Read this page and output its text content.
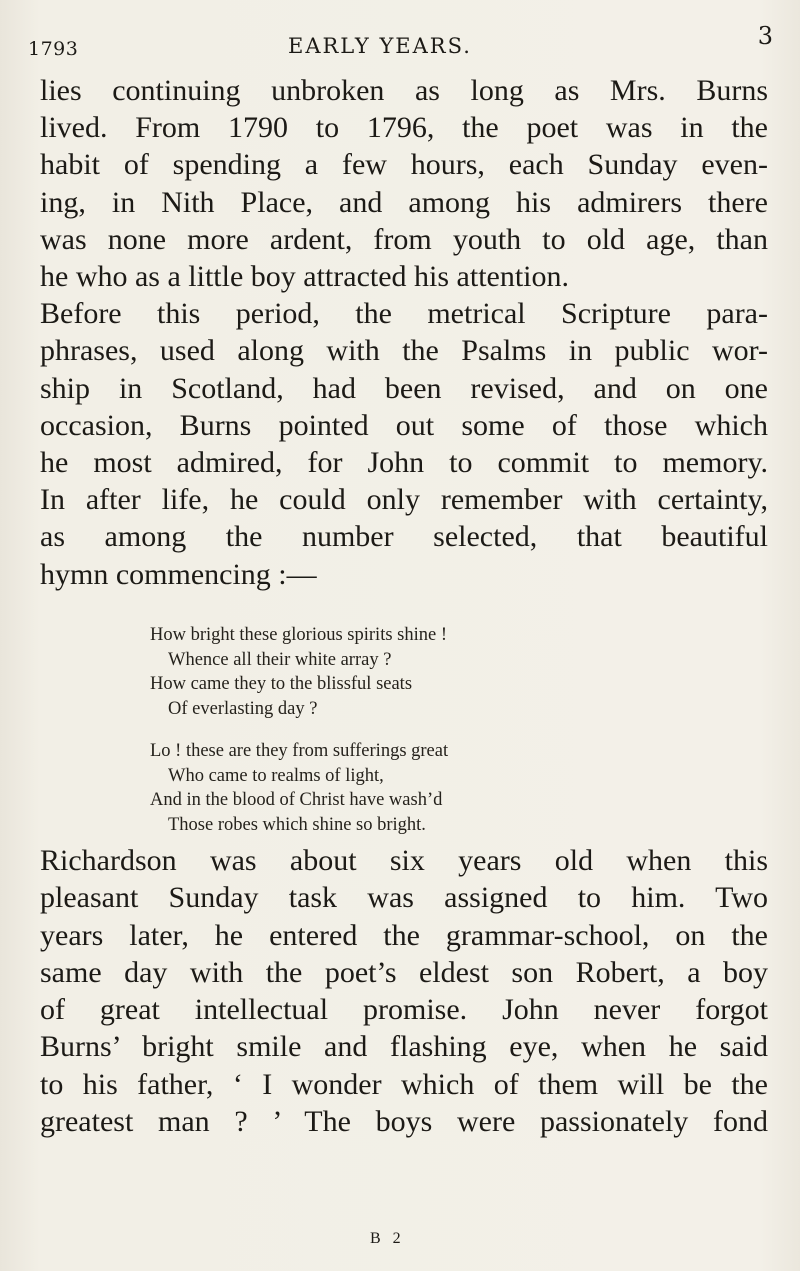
1793	EARLY YEARS.	3
lies continuing unbroken as long as Mrs. Burns
lived. From 1790 to 1796, the poet was in the
habit of spending a few hours, each Sunday even-
ing, in Nith Place, and among his admirers there
was none more ardent, from youth to old age, than
he who as a little boy attracted his attention.
Before this period, the metrical Scripture para-
phrases, used along with the Psalms in public wor-
ship in Scotland, had been revised, and on one
occasion, Burns pointed out some of those which
he most admired, for John to commit to memory.
In after life, he could only remember with certainty,
as among the number selected, that beautiful
hymn commencing :—
How bright these glorious spirits shine !
Whence all their white array ?
How came they to the blissful seats
Of everlasting day ?
Lo ! these are they from sufferings great
Who came to realms of light,
And in the blood of Christ have wash’d
Those robes which shine so bright.
Richardson was about six years old when this
pleasant Sunday task was assigned to him. Two
years later, he entered the grammar-school, on the
same day with the poet’s eldest son Robert, a boy
of great intellectual promise. John never forgot
Burns’ bright smile and flashing eye, when he said
to his father, ‘ I wonder which of them will be the
greatest man ? ’ The boys were passionately fond
B 2
